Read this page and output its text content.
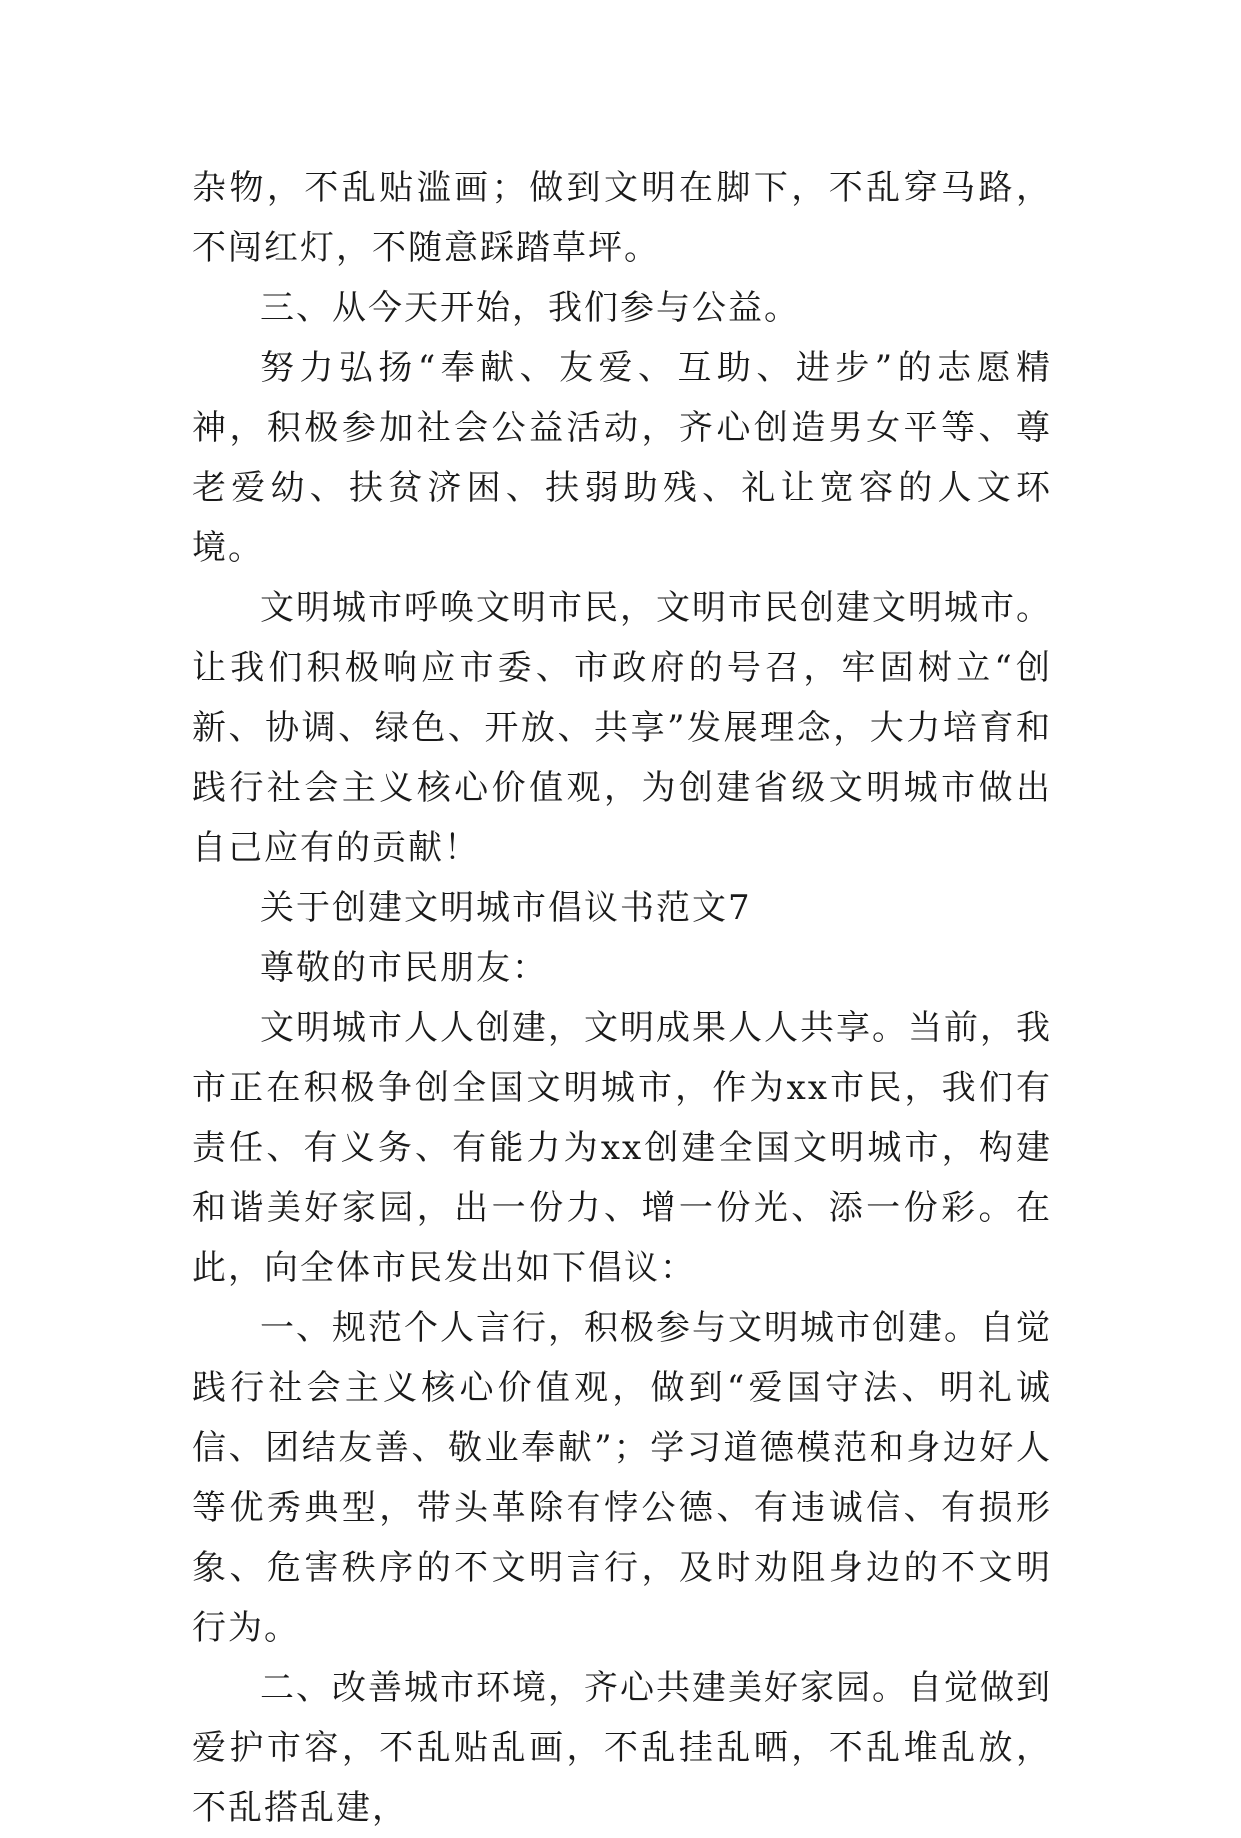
杂物，不乱贴滥画；做到文明在脚下，不乱穿马路，不闯红灯，不随意踩踏草坪。

三、从今天开始，我们参与公益。

努力弘扬“奉献、友爱、互助、进步”的志愿精神，积极参加社会公益活动，齐心创造男女平等、尊老爱幼、扶贫济困、扶弱助残、礼让宽容的人文环境。

文明城市呼唤文明市民，文明市民创建文明城市。让我们积极响应市委、市政府的号召，牢固树立“创新、协调、绿色、开放、共享”发展理念，大力培育和践行社会主义核心价值观，为创建省级文明城市做出自己应有的贡献！

关于创建文明城市倡议书范文7

尊敬的市民朋友：

文明城市人人创建，文明成果人人共享。当前，我市正在积极争创全国文明城市，作为xx市民，我们有责任、有义务、有能力为xx创建全国文明城市，构建和谐美好家园，出一份力、增一份光、添一份彩。在此，向全体市民发出如下倡议：

一、规范个人言行，积极参与文明城市创建。自觉践行社会主义核心价值观，做到“爱国守法、明礼诚信、团结友善、敬业奉献”；学习道德模范和身边好人等优秀典型，带头革除有悖公德、有违诚信、有损形象、危害秩序的不文明言行，及时劝阻身边的不文明行为。

二、改善城市环境，齐心共建美好家园。自觉做到爱护市容，不乱贴乱画，不乱挂乱晒，不乱堆乱放，不乱搭乱建，
